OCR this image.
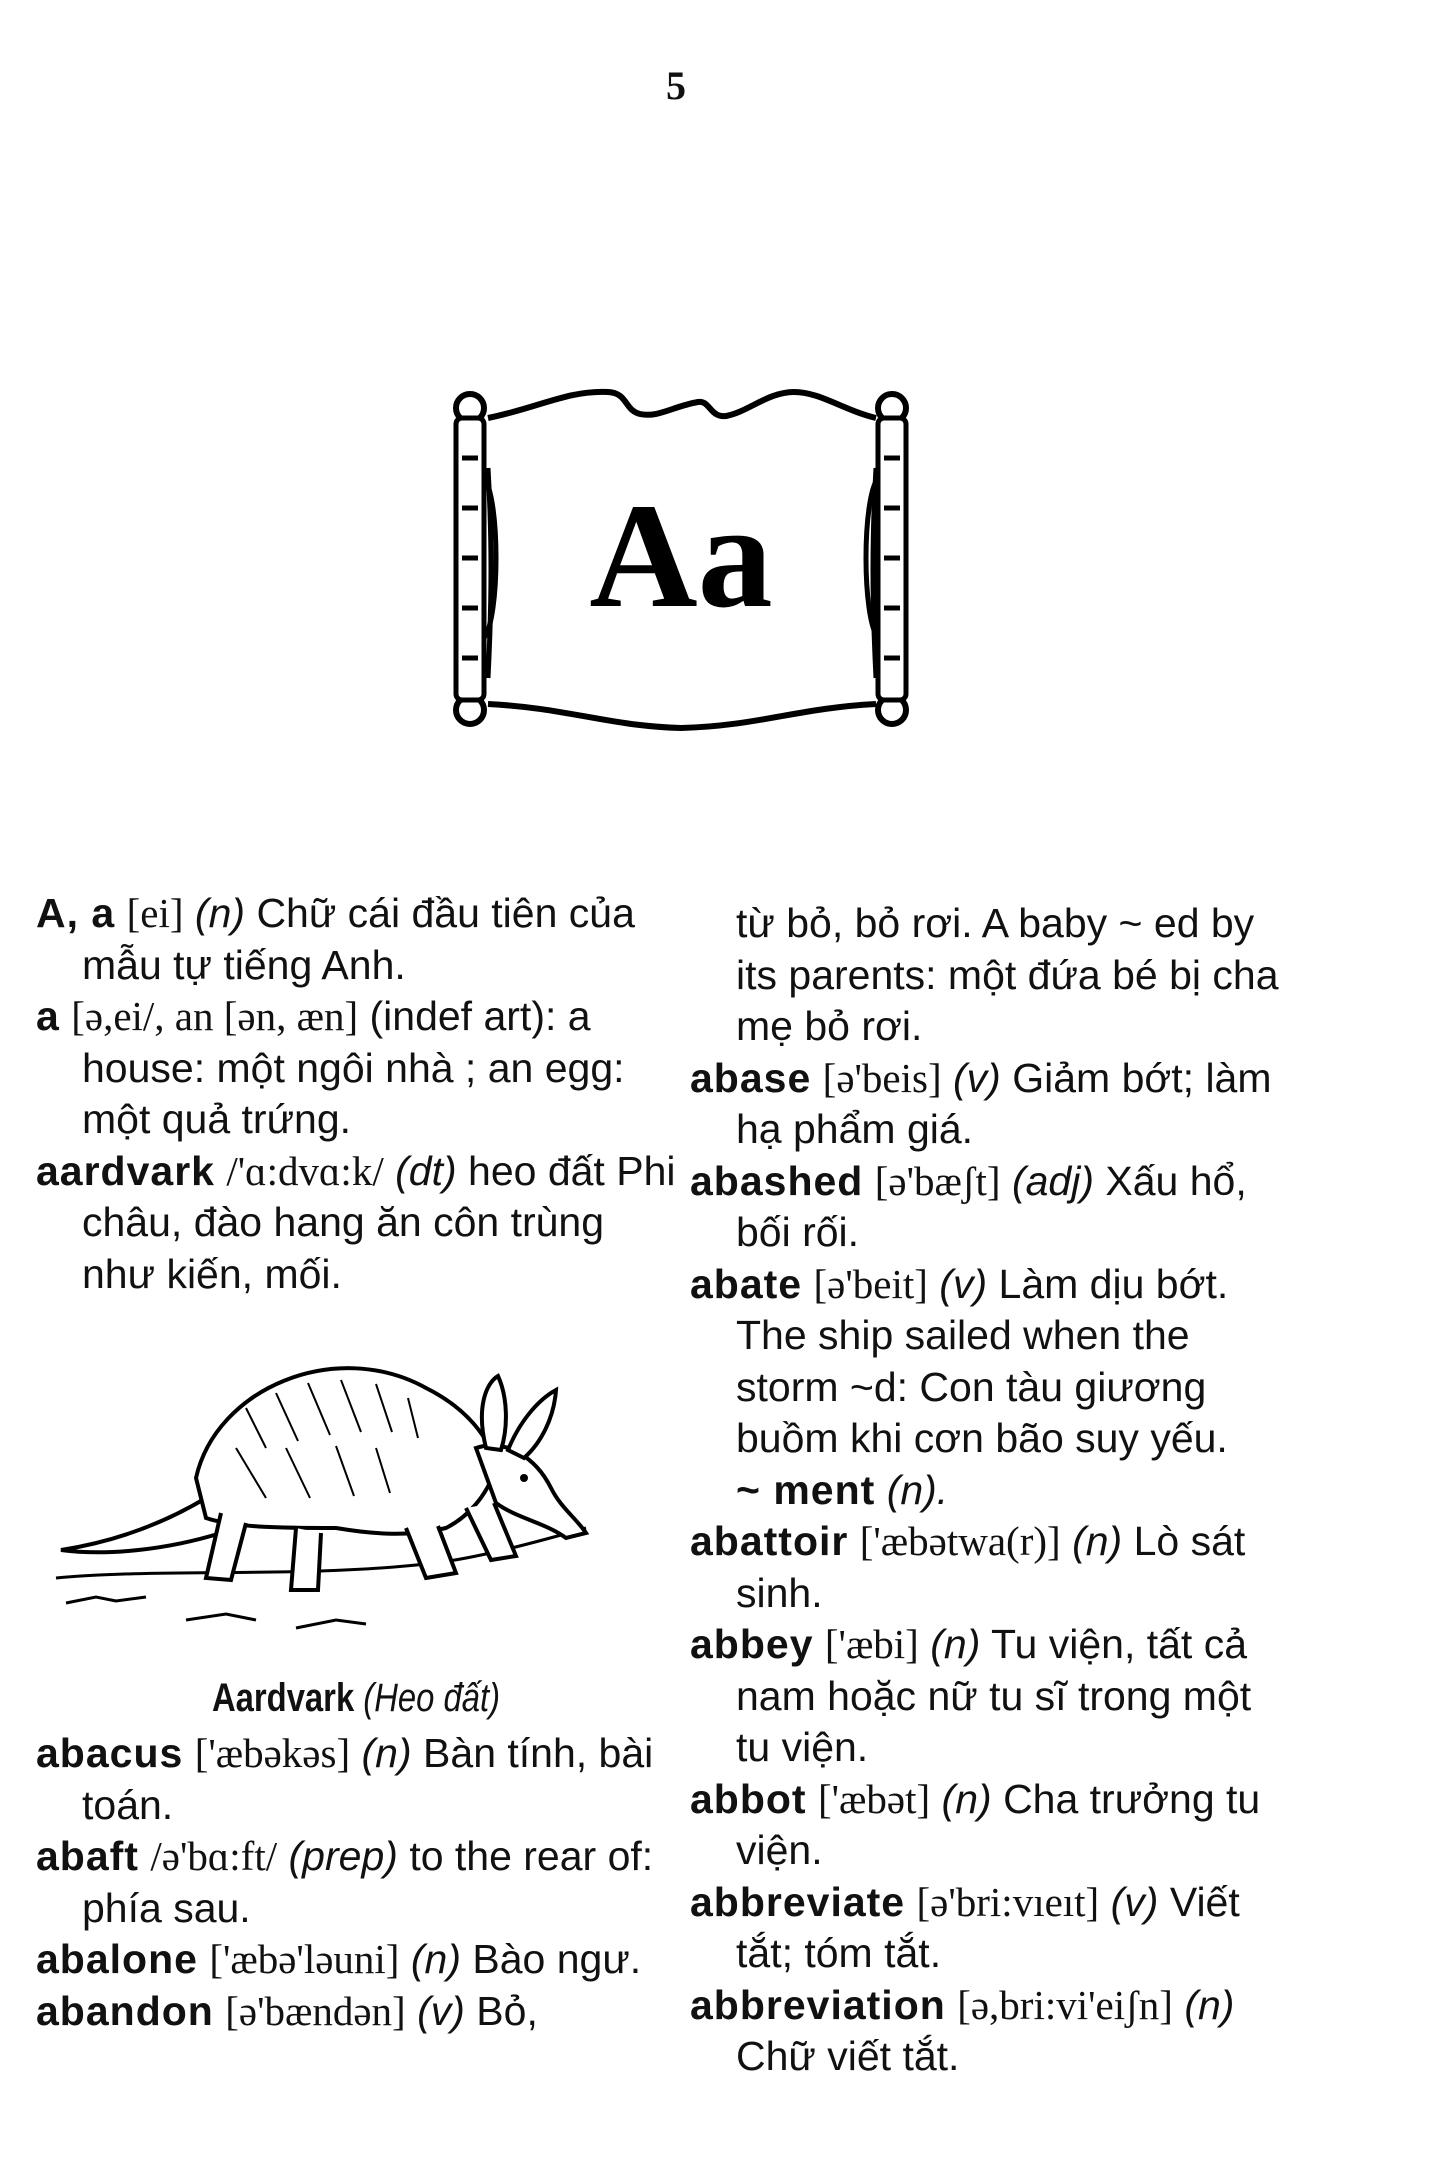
5
Aa

A, a [ei] (n) Chữ cái đầu tiên của mẫu tự tiếng Anh.

a [ə,ei/, an [ən, æn] (indef art): a house: một ngôi nhà ; an egg: một quả trứng.

aardvark /'ɑ:dvɑ:k/ (dt) heo đất Phi châu, đào hang ăn côn trùng như kiến, mối.

Aardvark (Heo đất)

abacus ['æbəkəs] (n) Bàn tính, bài toán.

abaft /ə'bɑ:ft/ (prep) to the rear of: phía sau.

abalone ['æbə'ləuni] (n) Bào ngư.

abandon [ə'bændən] (v) Bỏ,

từ bỏ, bỏ rơi. A baby ~ ed by its parents: một đứa bé bị cha mẹ bỏ rơi.

abase [ə'beis] (v) Giảm bớt; làm hạ phẩm giá.

abashed [ə'bæʃt] (adj) Xấu hổ, bối rối.

abate [ə'beit] (v) Làm dịu bớt. The ship sailed when the storm ~d: Con tàu giương buồm khi cơn bão suy yếu.

~ ment (n).

abattoir ['æbətwa(r)] (n) Lò sát sinh.

abbey ['æbi] (n) Tu viện, tất cả nam hoặc nữ tu sĩ trong một tu viện.

abbot ['æbət] (n) Cha trưởng tu viện.

abbreviate [ə'bri:vıeıt] (v) Viết tắt; tóm tắt.

abbreviation [ə,bri:vi'eiʃn] (n) Chữ viết tắt.
